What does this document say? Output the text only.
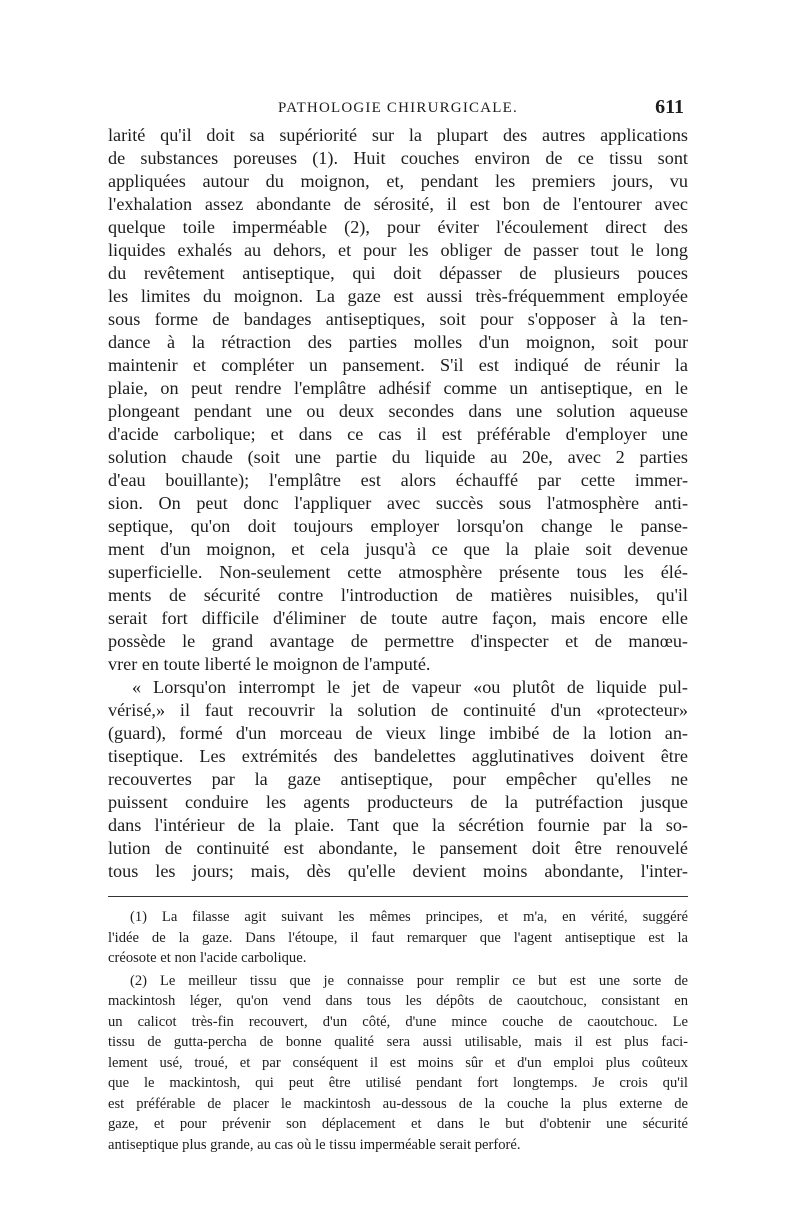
PATHOLOGIE CHIRURGICALE.	611
larité qu'il doit sa supériorité sur la plupart des autres applications
de substances poreuses (1). Huit couches environ de ce tissu sont
appliquées autour du moignon, et, pendant les premiers jours, vu
l'exhalation assez abondante de sérosité, il est bon de l'entourer avec
quelque toile imperméable (2), pour éviter l'écoulement direct des
liquides exhalés au dehors, et pour les obliger de passer tout le long
du revêtement antiseptique, qui doit dépasser de plusieurs pouces
les limites du moignon. La gaze est aussi très-fréquemment employée
sous forme de bandages antiseptiques, soit pour s'opposer à la ten-
dance à la rétraction des parties molles d'un moignon, soit pour
maintenir et compléter un pansement. S'il est indiqué de réunir la
plaie, on peut rendre l'emplâtre adhésif comme un antiseptique, en le
plongeant pendant une ou deux secondes dans une solution aqueuse
d'acide carbolique; et dans ce cas il est préférable d'employer une
solution chaude (soit une partie du liquide au 20e, avec 2 parties
d'eau bouillante); l'emplâtre est alors échauffé par cette immer-
sion. On peut donc l'appliquer avec succès sous l'atmosphère anti-
septique, qu'on doit toujours employer lorsqu'on change le panse-
ment d'un moignon, et cela jusqu'à ce que la plaie soit devenue
superficielle. Non-seulement cette atmosphère présente tous les élé-
ments de sécurité contre l'introduction de matières nuisibles, qu'il
serait fort difficile d'éliminer de toute autre façon, mais encore elle
possède le grand avantage de permettre d'inspecter et de manœu-
vrer en toute liberté le moignon de l'amputé.
« Lorsqu'on interrompt le jet de vapeur «ou plutôt de liquide pul-
vérisé,» il faut recouvrir la solution de continuité d'un «protecteur»
(guard), formé d'un morceau de vieux linge imbibé de la lotion an-
tiseptique. Les extrémités des bandelettes agglutinatives doivent être
recouvertes par la gaze antiseptique, pour empêcher qu'elles ne
puissent conduire les agents producteurs de la putréfaction jusque
dans l'intérieur de la plaie. Tant que la sécrétion fournie par la so-
lution de continuité est abondante, le pansement doit être renouvelé
tous les jours; mais, dès qu'elle devient moins abondante, l'inter-
(1) La filasse agit suivant les mêmes principes, et m'a, en vérité, suggéré
l'idée de la gaze. Dans l'étoupe, il faut remarquer que l'agent antiseptique est la
créosote et non l'acide carbolique.
(2) Le meilleur tissu que je connaisse pour remplir ce but est une sorte de
mackintosh léger, qu'on vend dans tous les dépôts de caoutchouc, consistant en
un calicot très-fin recouvert, d'un côté, d'une mince couche de caoutchouc. Le
tissu de gutta-percha de bonne qualité sera aussi utilisable, mais il est plus faci-
lement usé, troué, et par conséquent il est moins sûr et d'un emploi plus coûteux
que le mackintosh, qui peut être utilisé pendant fort longtemps. Je crois qu'il
est préférable de placer le mackintosh au-dessous de la couche la plus externe de
gaze, et pour prévenir son déplacement et dans le but d'obtenir une sécurité
antiseptique plus grande, au cas où le tissu imperméable serait perforé.
